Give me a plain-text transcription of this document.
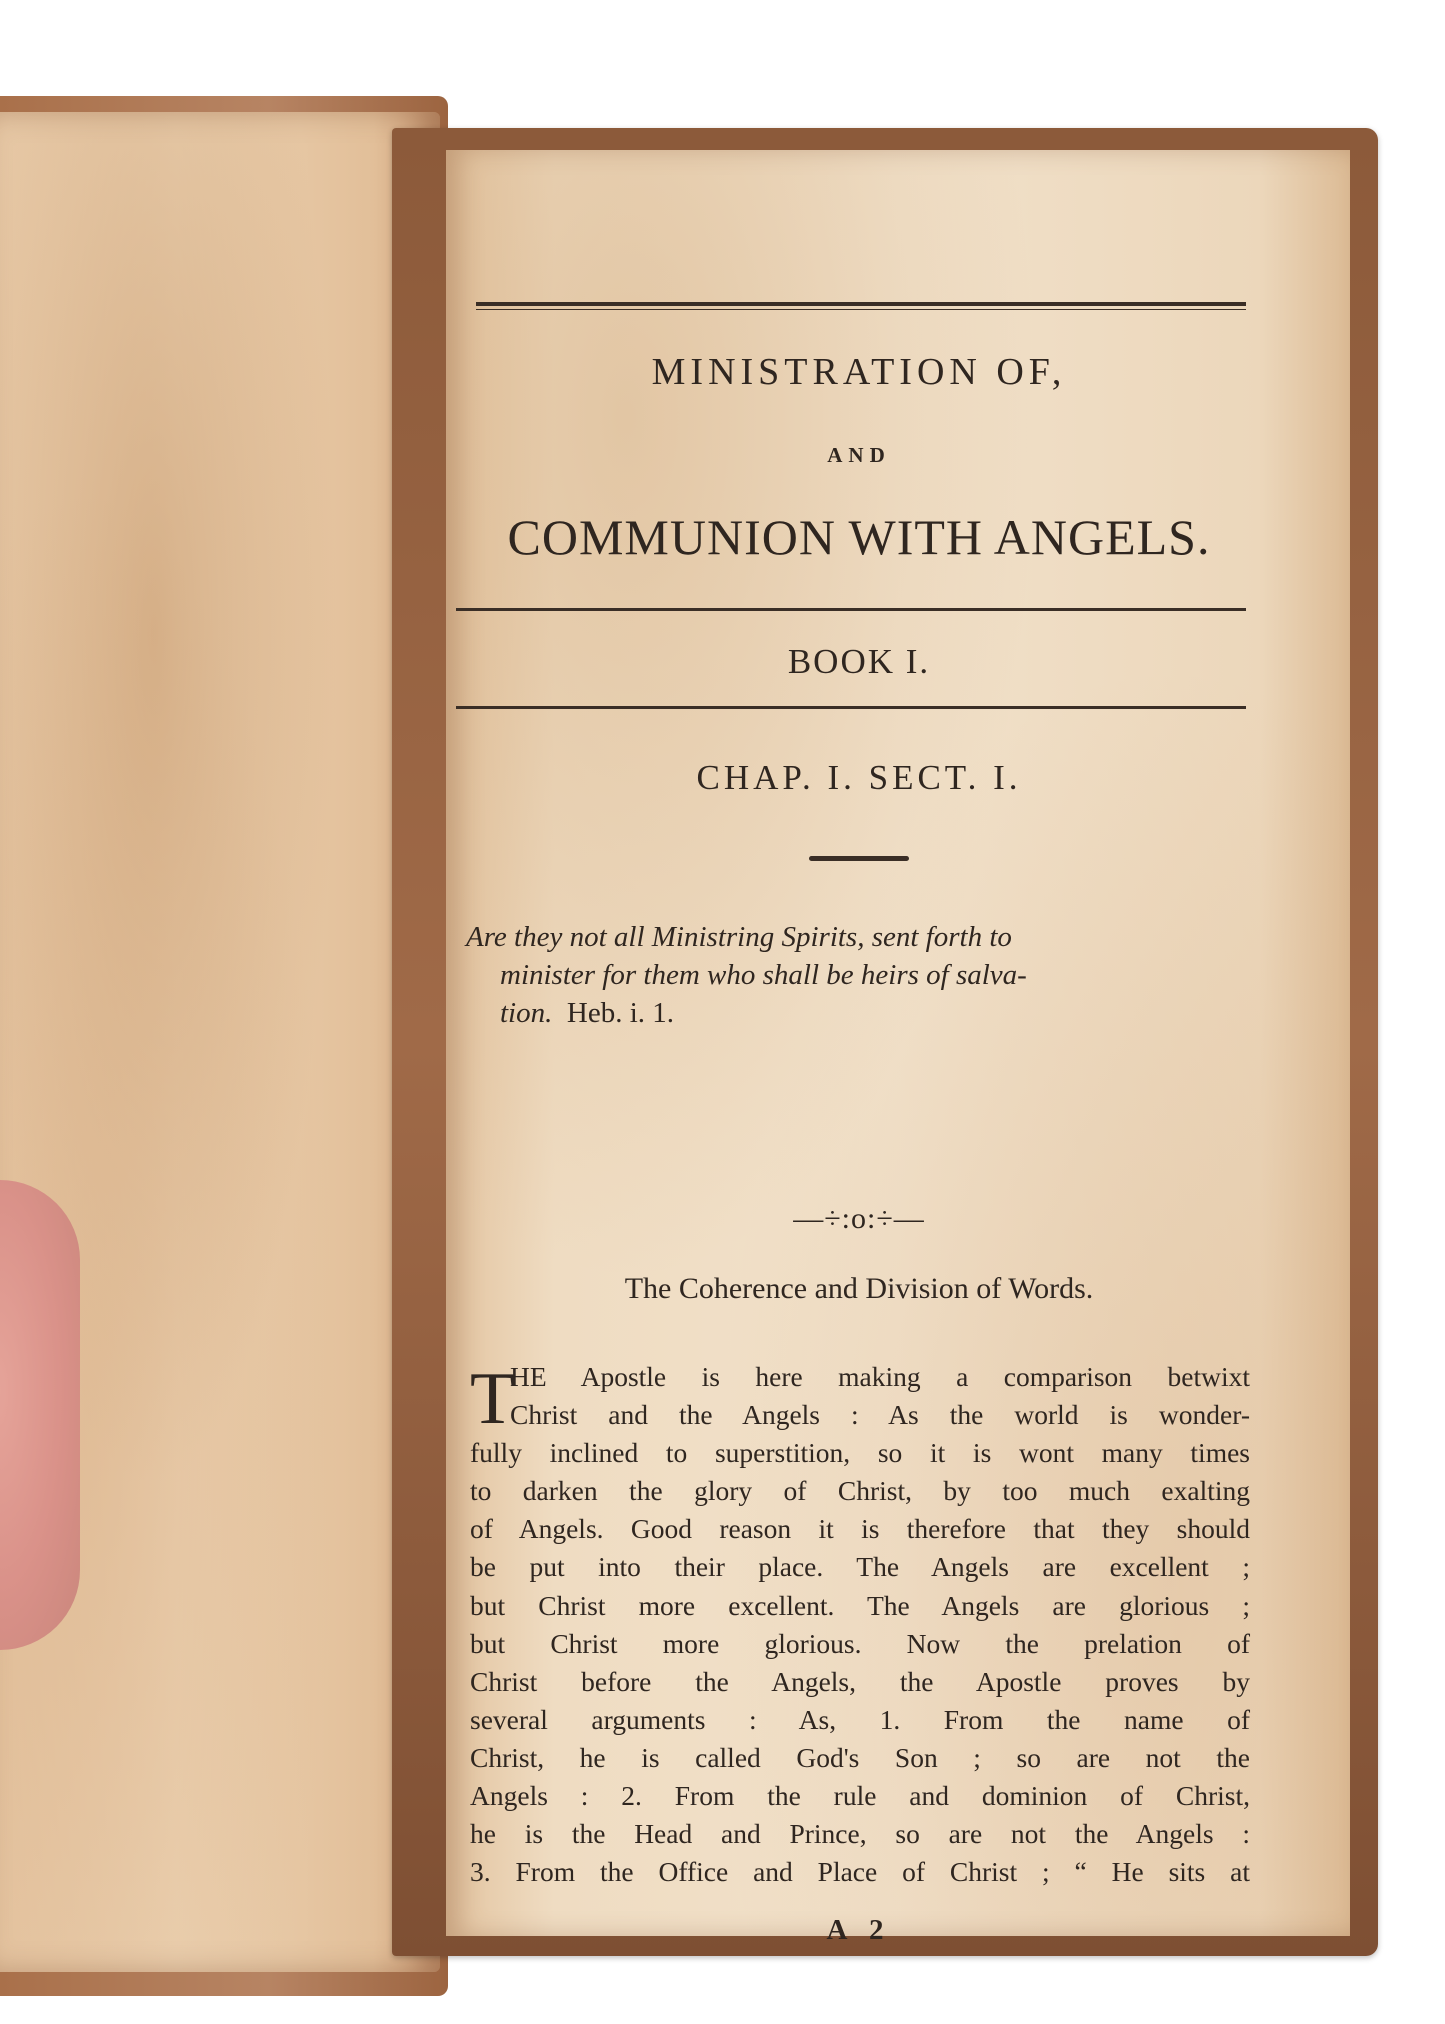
MINISTRATION OF,
AND
COMMUNION WITH ANGELS.
BOOK I.
CHAP. I. SECT. I.
Are they not all Ministring Spirits, sent forth to
minister for them who shall be heirs of salva-
tion. Heb. i. 1.
—÷:o:÷—
The Coherence and Division of Words.
T
HE Apostle is here making a comparison betwixt
Christ and the Angels : As the world is wonder-
fully inclined to superstition, so it is wont many times
to darken the glory of Christ, by too much exalting
of Angels. Good reason it is therefore that they should
be put into their place. The Angels are excellent ;
but Christ more excellent. The Angels are glorious ;
but Christ more glorious. Now the prelation of
Christ before the Angels, the Apostle proves by
several arguments : As, 1. From the name of
Christ, he is called God's Son ; so are not the
Angels : 2. From the rule and dominion of Christ,
he is the Head and Prince, so are not the Angels :
3. From the Office and Place of Christ ; “ He sits at
A 2
